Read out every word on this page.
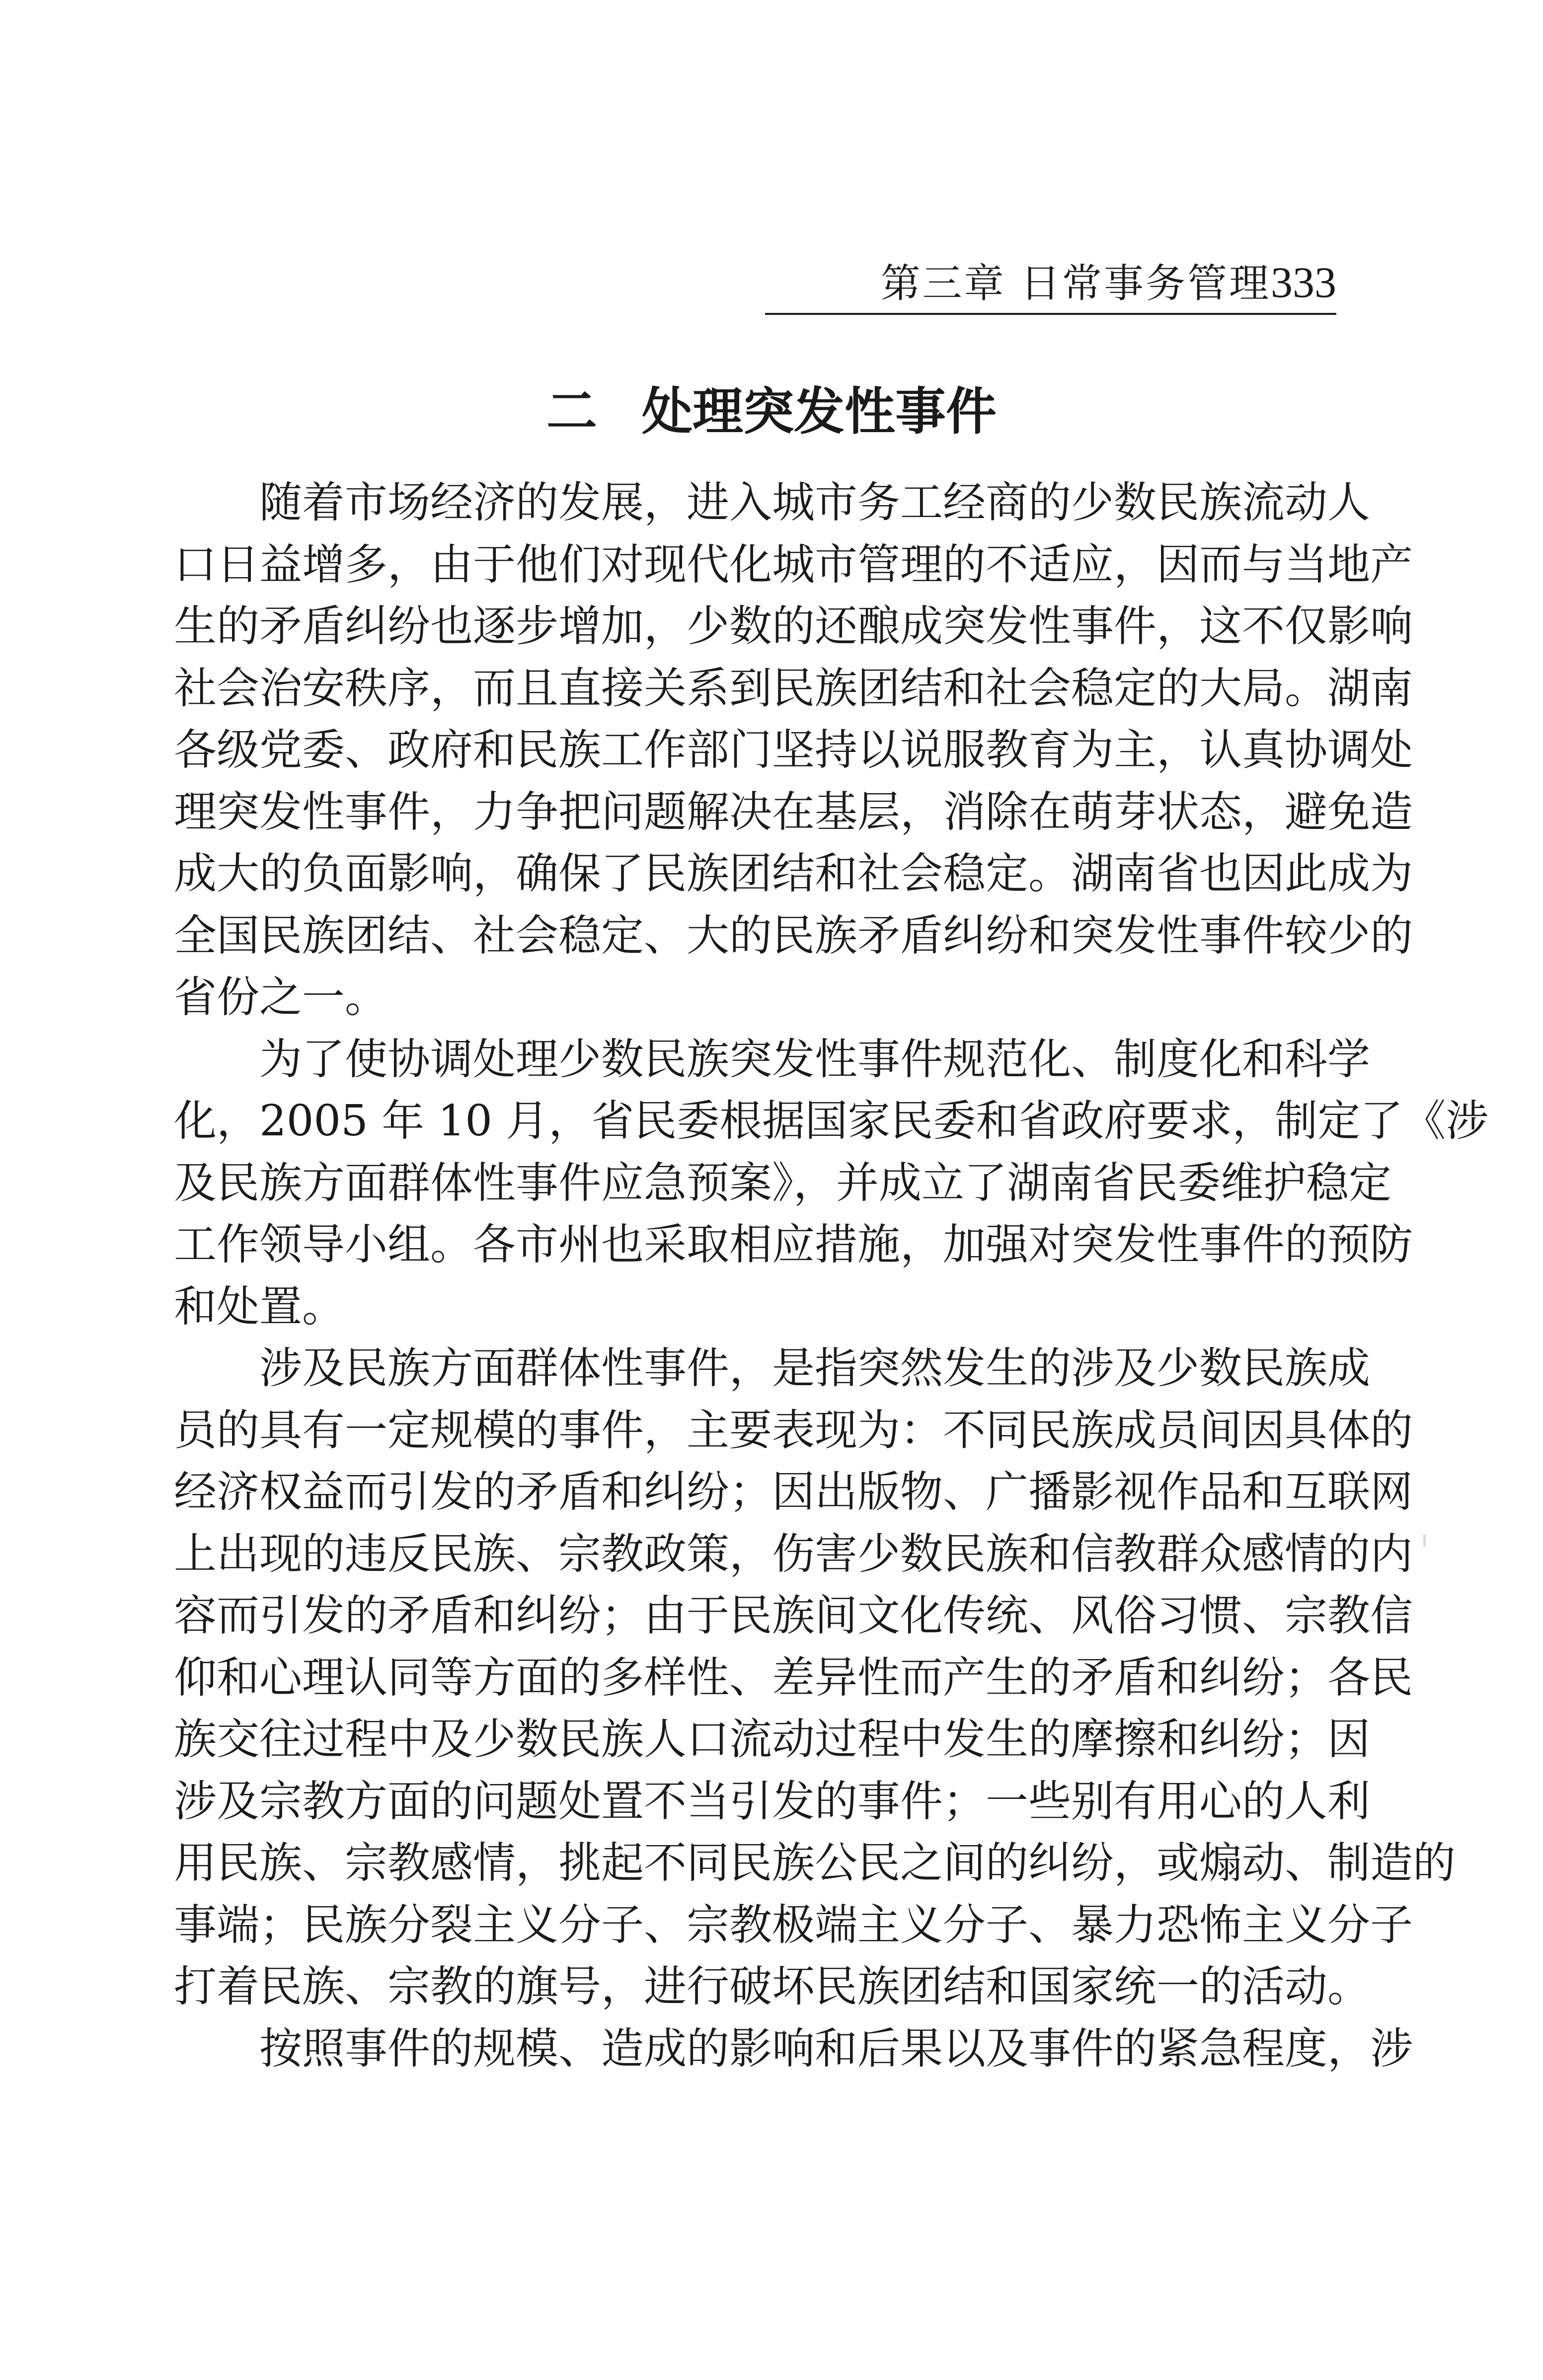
第三章 日常事务管理333
二 处理突发性事件

随着市场经济的发展，进入城市务工经商的少数民族流动人
口日益增多，由于他们对现代化城市管理的不适应，因而与当地产
生的矛盾纠纷也逐步增加，少数的还酿成突发性事件，这不仅影响
社会治安秩序，而且直接关系到民族团结和社会稳定的大局。湖南
各级党委、政府和民族工作部门坚持以说服教育为主，认真协调处
理突发性事件，力争把问题解决在基层，消除在萌芽状态，避免造
成大的负面影响，确保了民族团结和社会稳定。湖南省也因此成为
全国民族团结、社会稳定、大的民族矛盾纠纷和突发性事件较少的
省份之一。

为了使协调处理少数民族突发性事件规范化、制度化和科学
化，2005 年 10 月，省民委根据国家民委和省政府要求，制定了《涉
及民族方面群体性事件应急预案》，并成立了湖南省民委维护稳定
工作领导小组。各市州也采取相应措施，加强对突发性事件的预防
和处置。

涉及民族方面群体性事件，是指突然发生的涉及少数民族成
员的具有一定规模的事件，主要表现为：不同民族成员间因具体的
经济权益而引发的矛盾和纠纷；因出版物、广播影视作品和互联网
上出现的违反民族、宗教政策，伤害少数民族和信教群众感情的内
容而引发的矛盾和纠纷；由于民族间文化传统、风俗习惯、宗教信
仰和心理认同等方面的多样性、差异性而产生的矛盾和纠纷；各民
族交往过程中及少数民族人口流动过程中发生的摩擦和纠纷；因
涉及宗教方面的问题处置不当引发的事件；一些别有用心的人利
用民族、宗教感情，挑起不同民族公民之间的纠纷，或煽动、制造的
事端；民族分裂主义分子、宗教极端主义分子、暴力恐怖主义分子
打着民族、宗教的旗号，进行破坏民族团结和国家统一的活动。

按照事件的规模、造成的影响和后果以及事件的紧急程度，涉
